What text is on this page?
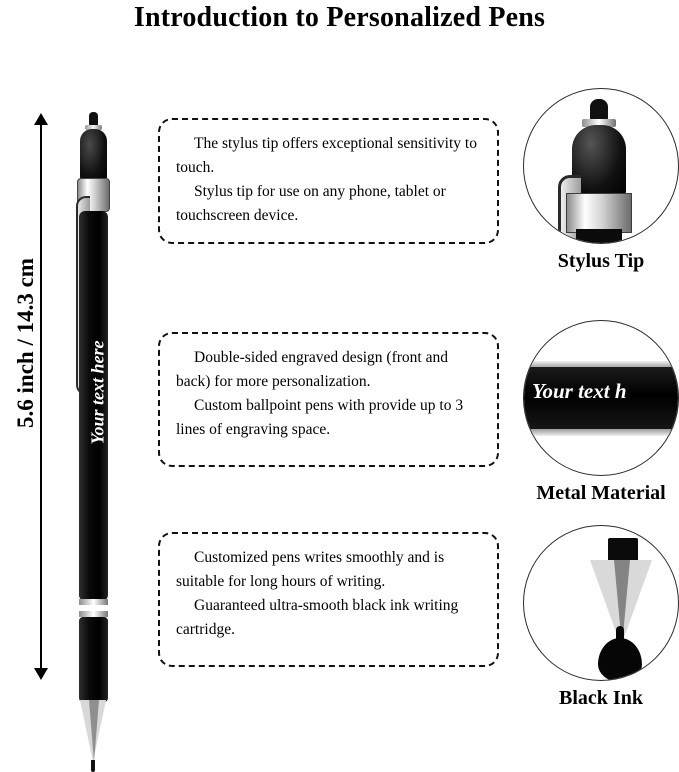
Introduction to Personalized Pens
5.6 inch / 14.3 cm	Your text here

The stylus tip offers exceptional sensitivity to touch.

Stylus tip for use on any phone, tablet or touchscreen device.

Double-sided engraved design (front and back) for more personalization.

Custom ballpoint pens with provide up to 3 lines of engraving space.

Customized pens writes smoothly and is suitable for long hours of writing.

Guaranteed ultra-smooth black ink writing cartridge.

Stylus Tip
Your text h
Metal Material
Black Ink
